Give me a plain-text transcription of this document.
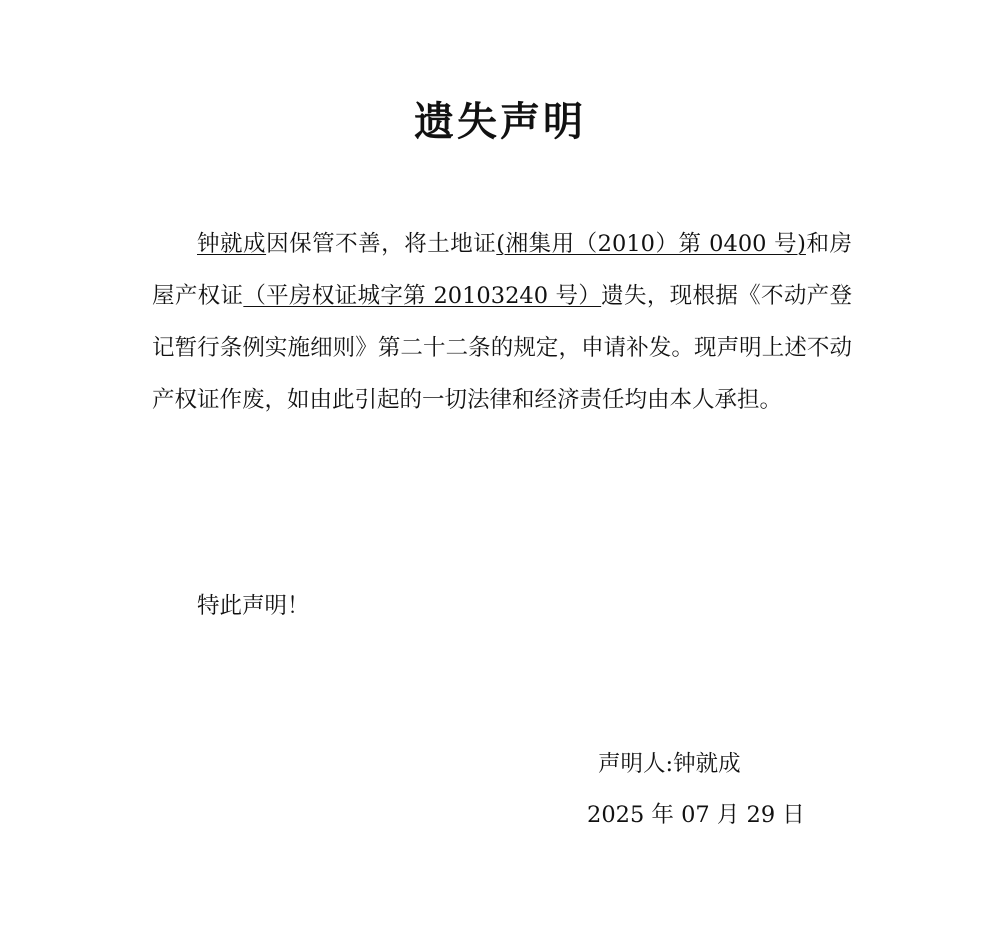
遗失声明

钟就成因保管不善，将土地证(湘集用（2010）第 0400 号)和房屋产权证（平房权证城字第 20103240 号）遗失，现根据《不动产登记暂行条例实施细则》第二十二条的规定，申请补发。现声明上述不动产权证作废，如由此引起的一切法律和经济责任均由本人承担。

特此声明！

声明人:钟就成

2025 年 07 月 29 日
